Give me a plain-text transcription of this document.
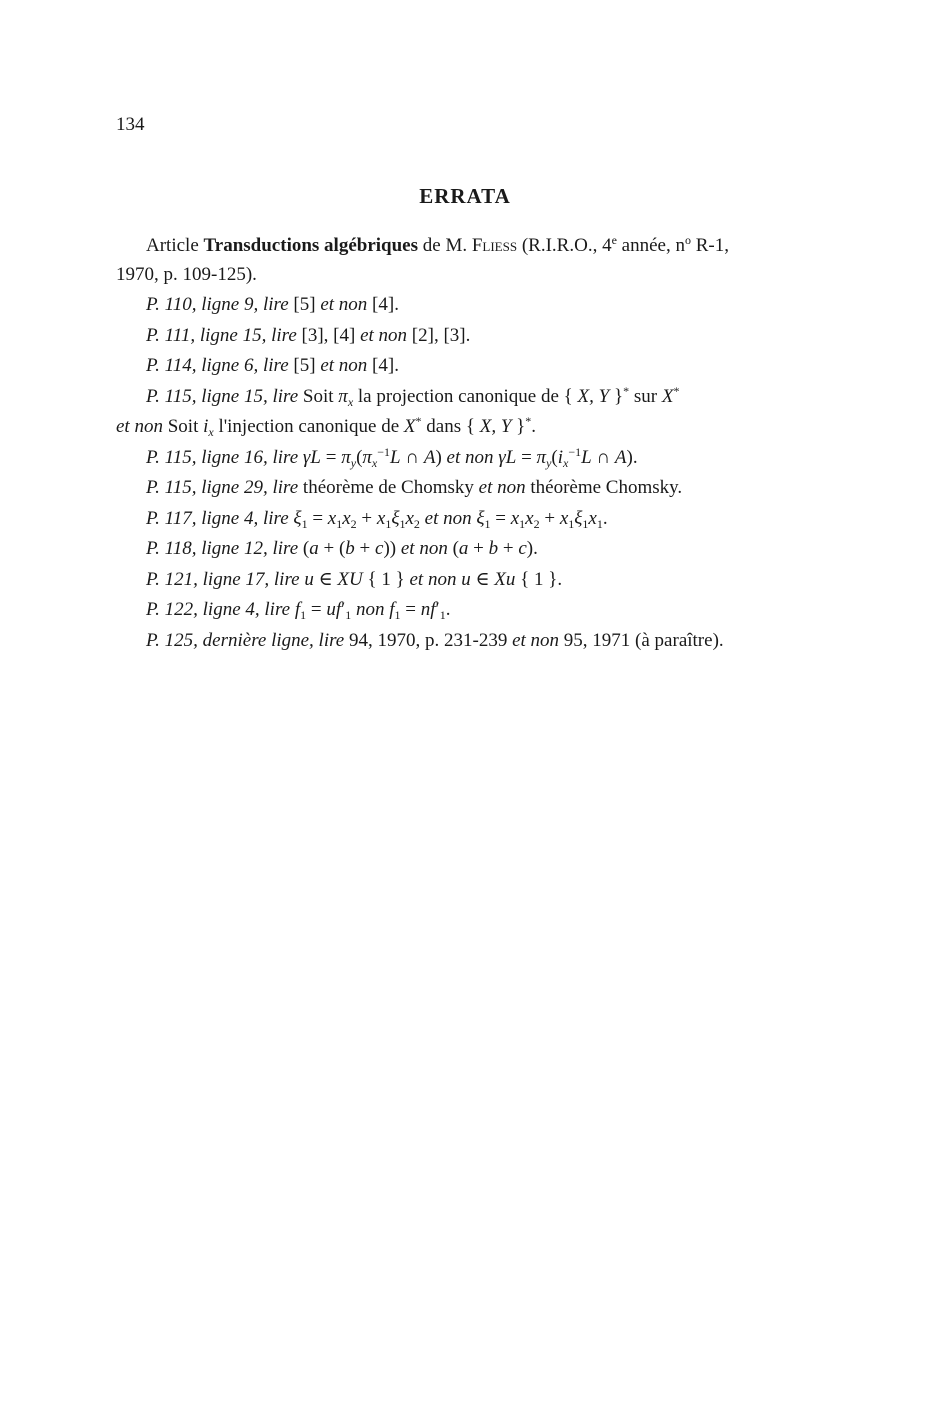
134
ERRATA
Article Transductions algébriques de M. Fliess (R.I.R.O., 4e année, $n^o$ R-1,
1970, p. 109-125).
P. 110, ligne 9, lire [5] et non [4].
P. 111, ligne 15, lire [3], [4] et non [2], [3].
P. 114, ligne 6, lire [5] et non [4].
P. 115, ligne 15, lire Soit $\pi_x$ la projection canonique de { X, Y }* sur X*
et non Soit $i_x$ l'injection canonique de X* dans { X, Y }*.
P. 115, ligne 16, lire $\gamma L = \pi_y(\pi_x^{-1}L$ ∩ A) et non $\gamma L = \pi_y(i_x^{-1}L$ ∩ A).
P. 115, ligne 29, lire théorème de Chomsky et non théorème Chomsky.
P. 117, ligne 4, lire $\xi_1 = x_1x_2 + x_1\xi_1x_2$ et non $\xi_1 = x_1x_2 + x_1\xi_1x_1$.
P. 118, ligne 12, lire (a + (b + c)) et non (a + b + c).
P. 121, ligne 17, lire u ∈ XU { 1 } et non u ∈ Xu { 1 }.
P. 122, ligne 4, lire $f_1 = uf'_1$ non $f_1 = nf'_1$.
P. 125, dernière ligne, lire 94, 1970, p. 231-239 et non 95, 1971 (à paraître).
